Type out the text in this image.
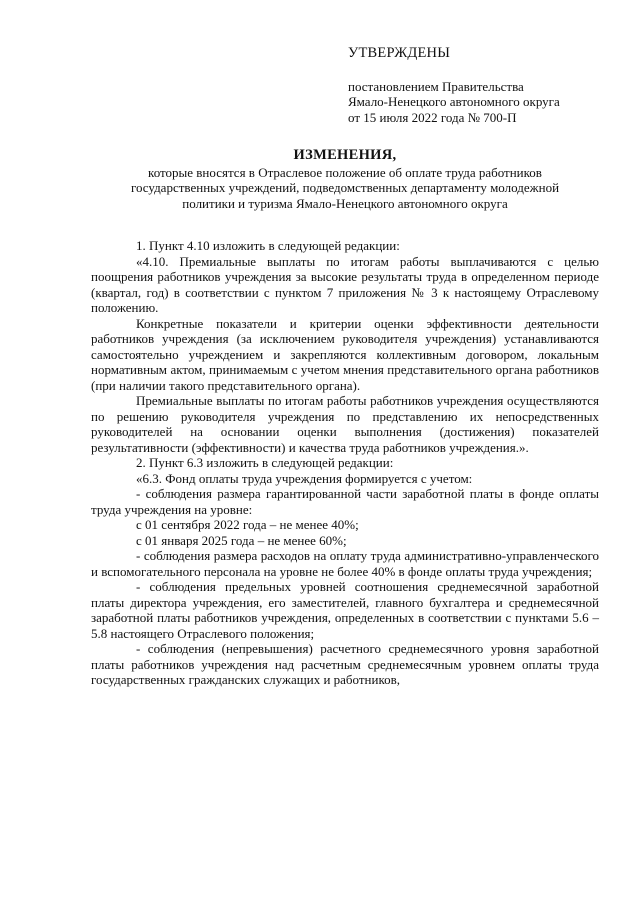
УТВЕРЖДЕНЫ
постановлением Правительства
Ямало-Ненецкого автономного округа
от 15 июля 2022 года № 700-П
ИЗМЕНЕНИЯ,
которые вносятся в Отраслевое положение об оплате труда работников
государственных учреждений, подведомственных департаменту молодежной
политики и туризма Ямало-Ненецкого автономного округа

1. Пункт 4.10 изложить в следующей редакции:

«4.10. Премиальные выплаты по итогам работы выплачиваются с целью поощрения работников учреждения за высокие результаты труда в определенном периоде (квартал, год) в соответствии с пунктом 7 приложения № 3 к настоящему Отраслевому положению.

Конкретные показатели и критерии оценки эффективности деятельности работников учреждения (за исключением руководителя учреждения) устанавливаются самостоятельно учреждением и закрепляются коллективным договором, локальным нормативным актом, принимаемым с учетом мнения представительного органа работников (при наличии такого представительного органа).

Премиальные выплаты по итогам работы работников учреждения осуществляются по решению руководителя учреждения по представлению их непосредственных руководителей на основании оценки выполнения (достижения) показателей результативности (эффективности) и качества труда работников учреждения.».

2. Пункт 6.3 изложить в следующей редакции:

«6.3. Фонд оплаты труда учреждения формируется с учетом:

- соблюдения размера гарантированной части заработной платы в фонде оплаты труда учреждения на уровне:

с 01 сентября 2022 года – не менее 40%;

с 01 января 2025 года – не менее 60%;

- соблюдения размера расходов на оплату труда административно-управленческого и вспомогательного персонала на уровне не более 40% в фонде оплаты труда учреждения;

- соблюдения предельных уровней соотношения среднемесячной заработной платы директора учреждения, его заместителей, главного бухгалтера и среднемесячной заработной платы работников учреждения, определенных в соответствии с пунктами 5.6 – 5.8 настоящего Отраслевого положения;

- соблюдения (непревышения) расчетного среднемесячного уровня заработной платы работников учреждения над расчетным среднемесячным уровнем оплаты труда государственных гражданских служащих и работников,
